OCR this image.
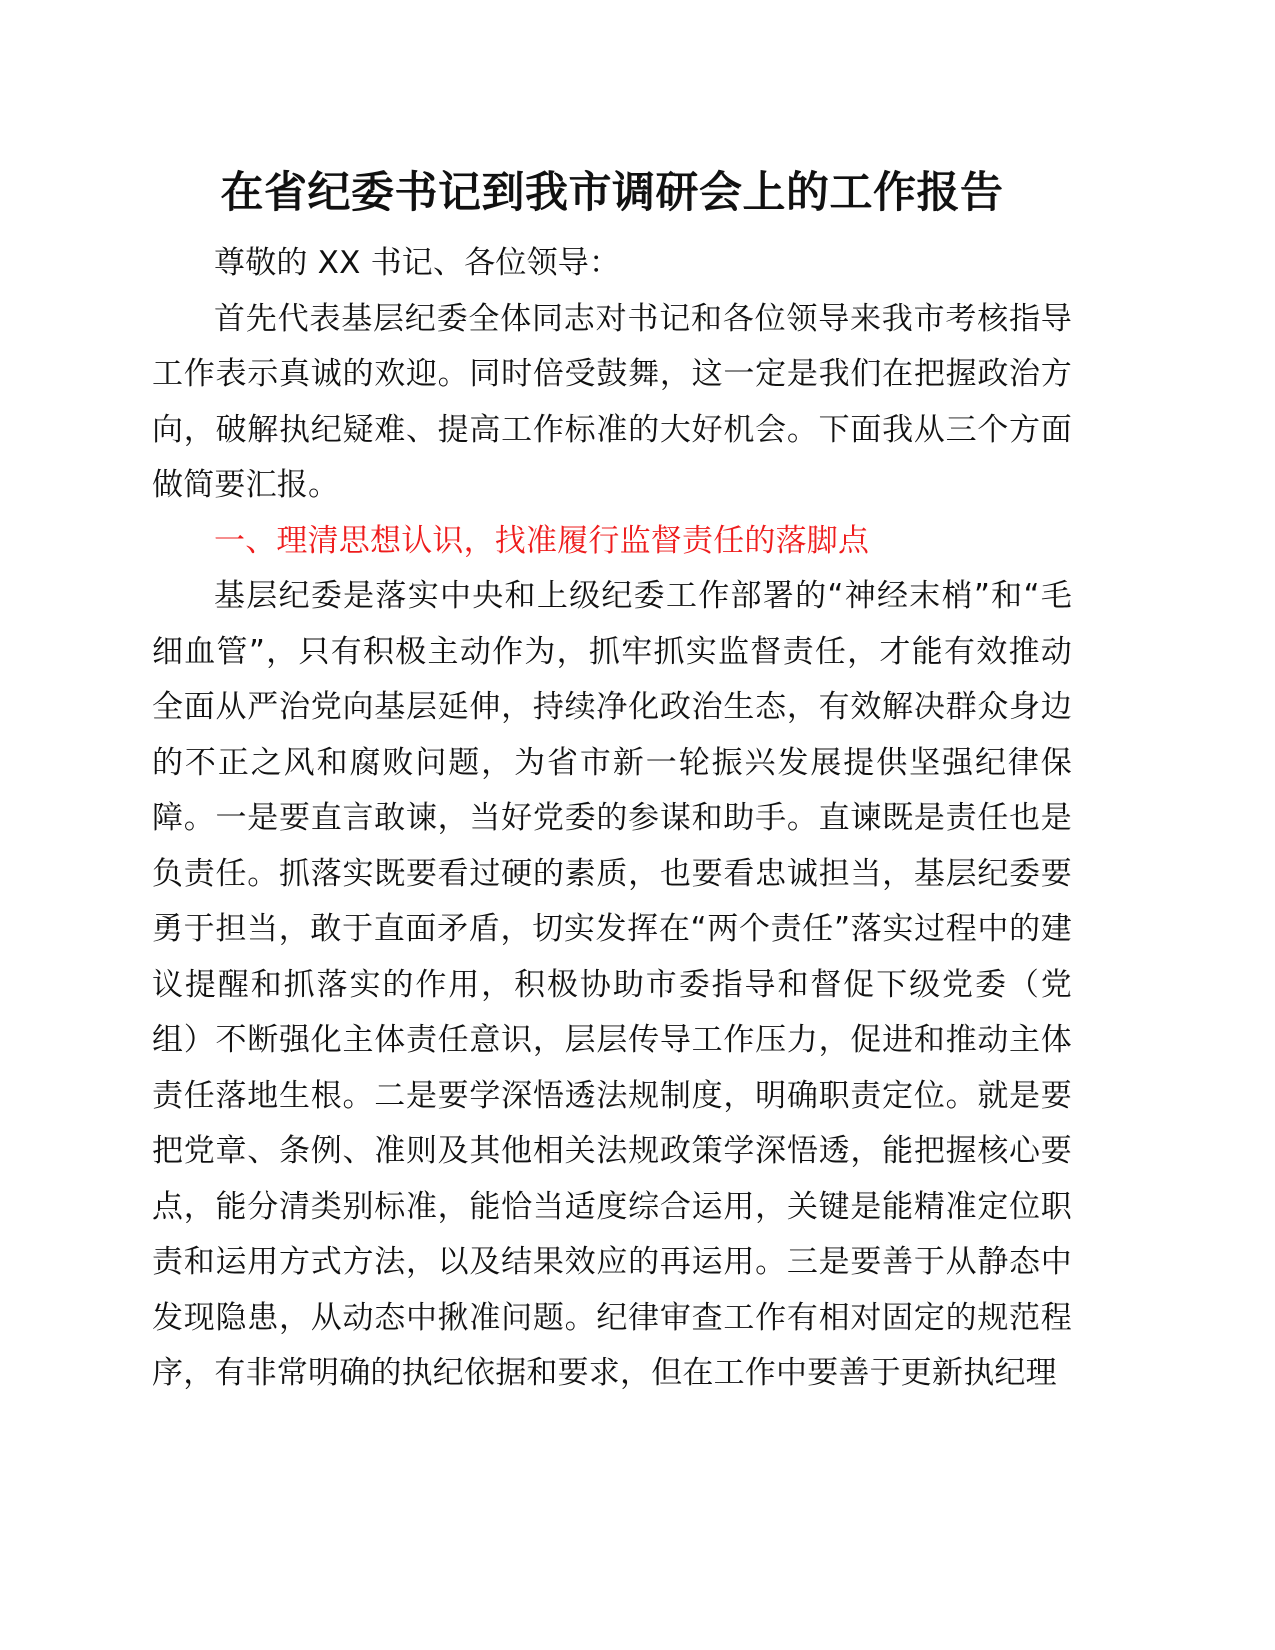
在省纪委书记到我市调研会上的工作报告

尊敬的 XX 书记、各位领导：

首先代表基层纪委全体同志对书记和各位领导来我市考核指导工作表示真诚的欢迎。同时倍受鼓舞，这一定是我们在把握政治方向，破解执纪疑难、提高工作标准的大好机会。下面我从三个方面做简要汇报。

一、理清思想认识，找准履行监督责任的落脚点

基层纪委是落实中央和上级纪委工作部署的“神经末梢”和“毛细血管”，只有积极主动作为，抓牢抓实监督责任，才能有效推动全面从严治党向基层延伸，持续净化政治生态，有效解决群众身边的不正之风和腐败问题，为省市新一轮振兴发展提供坚强纪律保障。一是要直言敢谏，当好党委的参谋和助手。直谏既是责任也是负责任。抓落实既要看过硬的素质，也要看忠诚担当，基层纪委要勇于担当，敢于直面矛盾，切实发挥在“两个责任”落实过程中的建议提醒和抓落实的作用，积极协助市委指导和督促下级党委（党组）不断强化主体责任意识，层层传导工作压力，促进和推动主体责任落地生根。二是要学深悟透法规制度，明确职责定位。就是要把党章、条例、准则及其他相关法规政策学深悟透，能把握核心要点，能分清类别标准，能恰当适度综合运用，关键是能精准定位职责和运用方式方法，以及结果效应的再运用。三是要善于从静态中发现隐患，从动态中揪准问题。纪律审查工作有相对固定的规范程序，有非常明确的执纪依据和要求，但在工作中要善于更新执纪理
